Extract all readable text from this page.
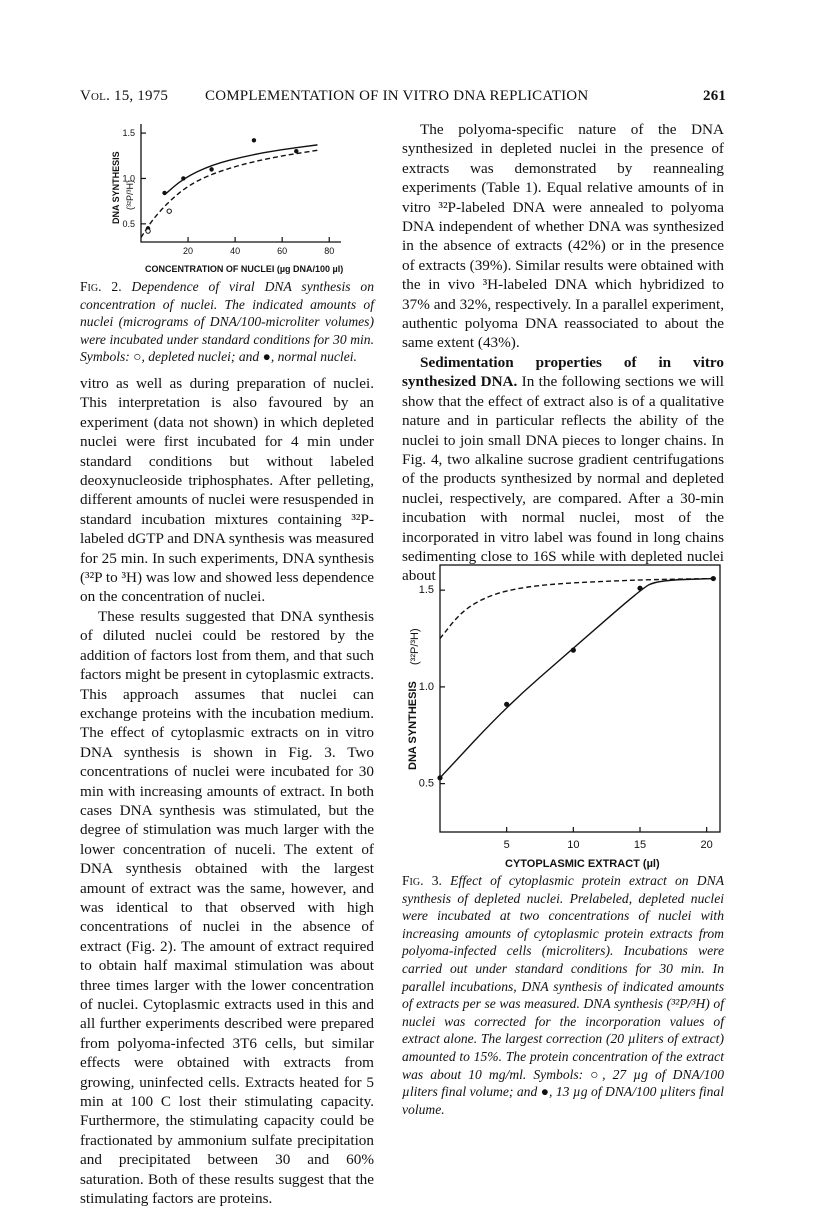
Vol. 15, 1975 COMPLEMENTATION OF IN VITRO DNA REPLICATION	261
0.5
1.0
1.5
20	40	60	80
DNA SYNTHESIS (³²P/³H)
CONCENTRATION OF NUCLEI (µg DNA/100 µl)
Fig. 2. Dependence of viral DNA synthesis on concentration of nuclei. The indicated amounts of nuclei (micrograms of DNA/100-microliter volumes) were incubated under standard conditions for 30 min. Symbols: ○, depleted nuclei; and ●, normal nuclei.

vitro as well as during preparation of nuclei. This interpretation is also favoured by an experiment (data not shown) in which depleted nuclei were first incubated for 4 min under standard conditions but without labeled deoxynucleoside triphosphates. After pelleting, different amounts of nuclei were resuspended in standard incubation mixtures containing ³²P-labeled dGTP and DNA synthesis was measured for 25 min. In such experiments, DNA synthesis (³²P to ³H) was low and showed less dependence on the concentration of nuclei.

These results suggested that DNA synthesis of diluted nuclei could be restored by the addition of factors lost from them, and that such factors might be present in cytoplasmic extracts. This approach assumes that nuclei can exchange proteins with the incubation medium. The effect of cytoplasmic extracts on in vitro DNA synthesis is shown in Fig. 3. Two concentrations of nuclei were incubated for 30 min with increasing amounts of extract. In both cases DNA synthesis was stimulated, but the degree of stimulation was much larger with the lower concentration of nuceli. The extent of DNA synthesis obtained with the largest amount of extract was the same, however, and was identical to that observed with high concentrations of nuclei in the absence of extract (Fig. 2). The amount of extract required to obtain half maximal stimulation was about three times larger with the lower concentration of nuclei. Cytoplasmic extracts used in this and all further experiments described were prepared from polyoma-infected 3T6 cells, but similar effects were obtained with extracts from growing, uninfected cells. Extracts heated for 5 min at 100 C lost their stimulating capacity. Furthermore, the stimulating capacity could be fractionated by ammonium sulfate precipitation and precipitated between 30 and 60% saturation. Both of these results suggest that the stimulating factors are proteins.

The polyoma-specific nature of the DNA synthesized in depleted nuclei in the presence of extracts was demonstrated by reannealing experiments (Table 1). Equal relative amounts of in vitro ³²P-labeled DNA were annealed to polyoma DNA independent of whether DNA was synthesized in the absence of extracts (42%) or in the presence of extracts (39%). Similar results were obtained with the in vivo ³H-labeled DNA which hybridized to 37% and 32%, respectively. In a parallel experiment, authentic polyoma DNA reassociated to about the same extent (43%).

Sedimentation properties of in vitro synthesized DNA. In the following sections we will show that the effect of extract also is of a qualitative nature and in particular reflects the ability of the nuclei to join small DNA pieces to longer chains. In Fig. 4, two alkaline sucrose gradient centrifugations of the products synthesized by normal and depleted nuclei, respectively, are compared. After a 30-min incubation with normal nuclei, most of the incorporated in vitro label was found in long chains sedimenting close to 16S while with depleted nuclei about

0.5
1.0
1.5
5	10	15	20
DNA SYNTHESIS
(³²P/³H)
CYTOPLASMIC EXTRACT (µl)
Fig. 3. Effect of cytoplasmic protein extract on DNA synthesis of depleted nuclei. Prelabeled, depleted nuclei were incubated at two concentrations of nuclei with increasing amounts of cytoplasmic protein extracts from polyoma-infected cells (microliters). Incubations were carried out under standard conditions for 30 min. In parallel incubations, DNA synthesis of indicated amounts of extracts per se was measured. DNA synthesis (³²P/³H) of nuclei was corrected for the incorporation values of extract alone. The largest correction (20 µliters of extract) amounted to 15%. The protein concentration of the extract was about 10 mg/ml. Symbols: ○, 27 µg of DNA/100 µliters final volume; and ●, 13 µg of DNA/100 µliters final volume.
